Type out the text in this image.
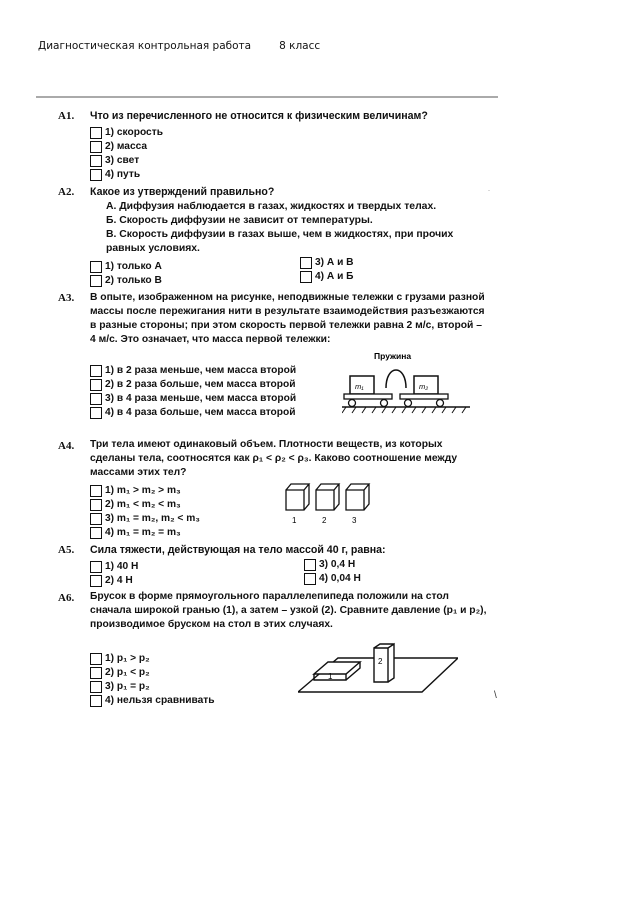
Диагностическая контрольная работа	8 класс
A1. Что из перечисленного не относится к физическим величинам?
1) скорость
2) масса
3) свет
4) путь
A2. Какое из утверждений правильно?
А. Диффузия наблюдается в газах, жидкостях и твердых телах.
Б. Скорость диффузии не зависит от температуры.
В. Скорость диффузии в газах выше, чем в жидкостях, при прочих равных условиях.
1) только А
2) только В
3) А и В
4) А и Б
A3. В опыте, изображенном на рисунке, неподвижные тележки с грузами разной массы после пережигания нити в результате взаимодействия разъезжаются в разные стороны; при этом скорость первой тележки равна 2 м/с, второй – 4 м/с. Это означает, что масса первой тележки:
1) в 2 раза меньше, чем масса второй
2) в 2 раза больше, чем масса второй
3) в 4 раза меньше, чем масса второй
4) в 4 раза больше, чем масса второй
Пружина
m₁	m₂
A4. Три тела имеют одинаковый объем. Плотности веществ, из которых сделаны тела, соотносятся как ρ₁ < ρ₂ < ρ₃. Каково соотношение между массами этих тел?
1) m₁ > m₂ > m₃
2) m₁ < m₂ < m₃
3) m₁ = m₂, m₂ < m₃
4) m₁ = m₂ = m₃
1	2	3
A5. Сила тяжести, действующая на тело массой 40 г, равна:
1) 40 Н
2) 4 Н
3) 0,4 Н
4) 0,04 Н
A6. Брусок в форме прямоугольного параллелепипеда положили на стол сначала широкой гранью (1), а затем – узкой (2). Сравните давление (p₁ и p₂), производимое бруском на стол в этих случаях.
1) p₁ > p₂
2) p₁ < p₂
3) p₁ = p₂
4) нельзя сравнивать
1
2
·
\
